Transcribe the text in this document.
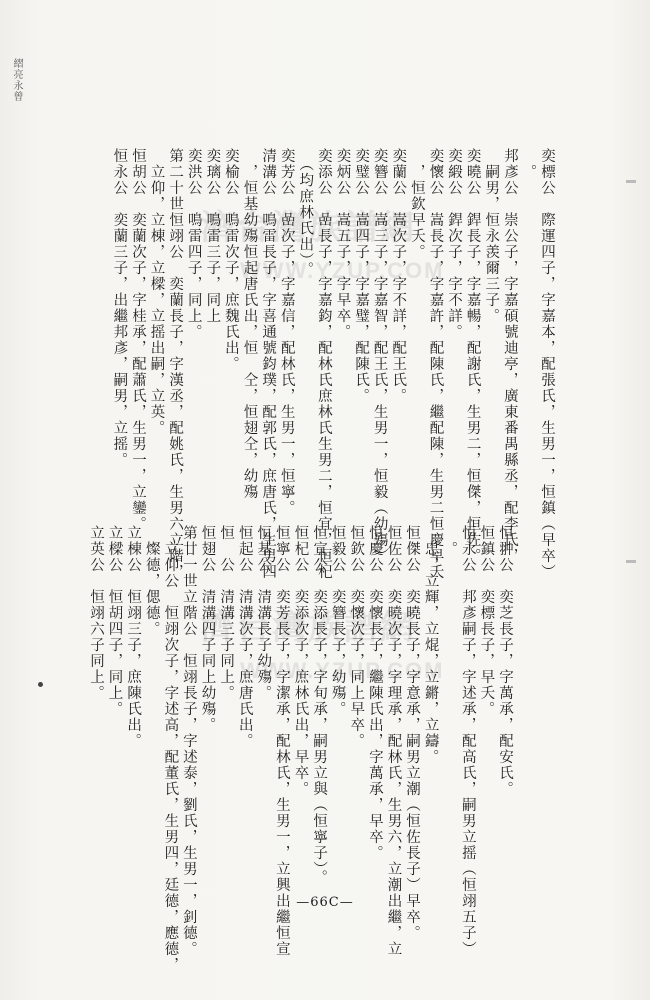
䌌亮永曾
濟台灣族譜網
WWW.YZUP.COM
濟台灣族譜網
WWW.YZUP.COM
奕標公　際運四子，字嘉本，配張氏，生男一，恒鎮（早卒）
　。
邦彥公　崇公子，字嘉碩號迪亭，廣東番禺縣丞，配李氏，
　嗣男，恒永羡爾三子。
奕曉公　銲長子，字嘉暢，配謝氏，生男二，恒傑，恒佐。
奕緞公　銲次子，字不詳。
奕懷公　嵩長子，字嘉許，配陳氏，繼配陳，生男二恒慶早夭
　，恒欽早夭。
奕蘭公　嵩次子，字不詳，配王氏。
奕簪公　嵩三子，字嘉智，配王氏，生男一，恒毅（幼殤）
奕璧公　嵩四子，字嘉璧，配陳氏。
奕炳公　嵩五子，字早卒。
奕添公　嵒長子，字嘉鈞，配林氏庶林氏生男二，恒宜，恒杞
　（均庶林氏出）。
奕芳公　嵒次子，字嘉信，配林氏，生男一，恒寧。
清溝公　鳴雷長子，字喜通號鈞璞，配郭氏，庶唐氏，生男四
　，恒基幼殤恒起唐氏出，恒　仝，恒翅仝，幼殤
奕榆公　鳴雷次子，庶魏氏出。
奕璃公　鳴雷三子，同上
奕洪公　鳴雷四子，同上。
第二十世恒翊公　奕蘭長子，字漢丞，配姚氏，生男六立階，
　立仰，立棟，立樑，立摇出嗣，立英。
恒胡公　奕蘭次子，字桂承，配蕭氏，生男一，立鑾。
恒永公　奕蘭三子，出繼邦彥，嗣男，立摇。
恒翀公　奕芝長子，字萬承，配安氏。
恒鎮公　奕標長子，早夭。
恒永公　邦彥嗣子，字述承，配高氏，嗣男立摇（恒翊五子）
　。
　忠，立輝，立焜，立鏘，立鑄。
恒傑公　奕曉長子，字意承，嗣男立潮（恒佐長子）早卒。
恒佐公　奕曉次子，字理承，配林氏，生男六，立潮出繼，立
恒慶公　奕懷長子，繼陳氏出，字萬承，早卒。
恒欽公　奕懷次子，同上早卒。
恒毅公　奕簪長子，幼殤。
恒宣公　奕添長子，字旬承，嗣男立與（恒寧子）。
恒杞公　奕添次子，庶林氏出，早卒。
恒寧公　奕芳長子，字潔承，配林氏，生男一，立興出繼恒宣
恒基公　清溝長子幼殤。
恒起公　清溝次子，庶唐氏出。
恒　公　清溝三子同上。
恒翅公　清溝四子同上幼殤。
第廿一世立階公　恒翊長子，字述泰，劉氏，生男一，釗德。
　立仰公　恒翊次子，字述高，配董氏，生男四，廷德，應德，
　燦德，偲德。
立棟公　恒翊三子，庶陳氏出。
立樑公　恒胡四子，同上。
立英公　恒翊六子同上。
—66C—
